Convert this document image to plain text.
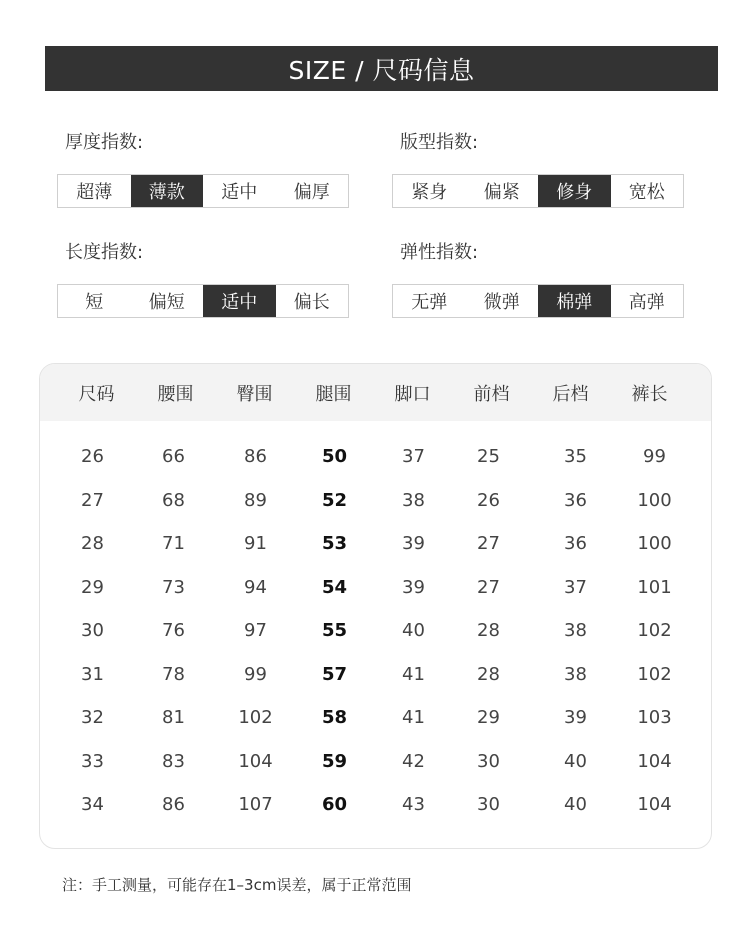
SIZE / 尺码信息
厚度指数:
超薄	薄款	适中	偏厚
版型指数:
紧身	偏紧	修身	宽松
长度指数:
短	偏短	适中	偏长
弹性指数:
无弹	微弹	棉弹	高弹
尺码	腰围	臀围	腿围	脚口	前档	后档	裤长
26	66	86	50	37	25	35	99
27	68	89	52	38	26	36	100
28	71	91	53	39	27	36	100
29	73	94	54	39	27	37	101
30	76	97	55	40	28	38	102
31	78	99	57	41	28	38	102
32	81	102	58	41	29	39	103
33	83	104	59	42	30	40	104
34	86	107	60	43	30	40	104
注：手工测量，可能存在1–3cm误差，属于正常范围
